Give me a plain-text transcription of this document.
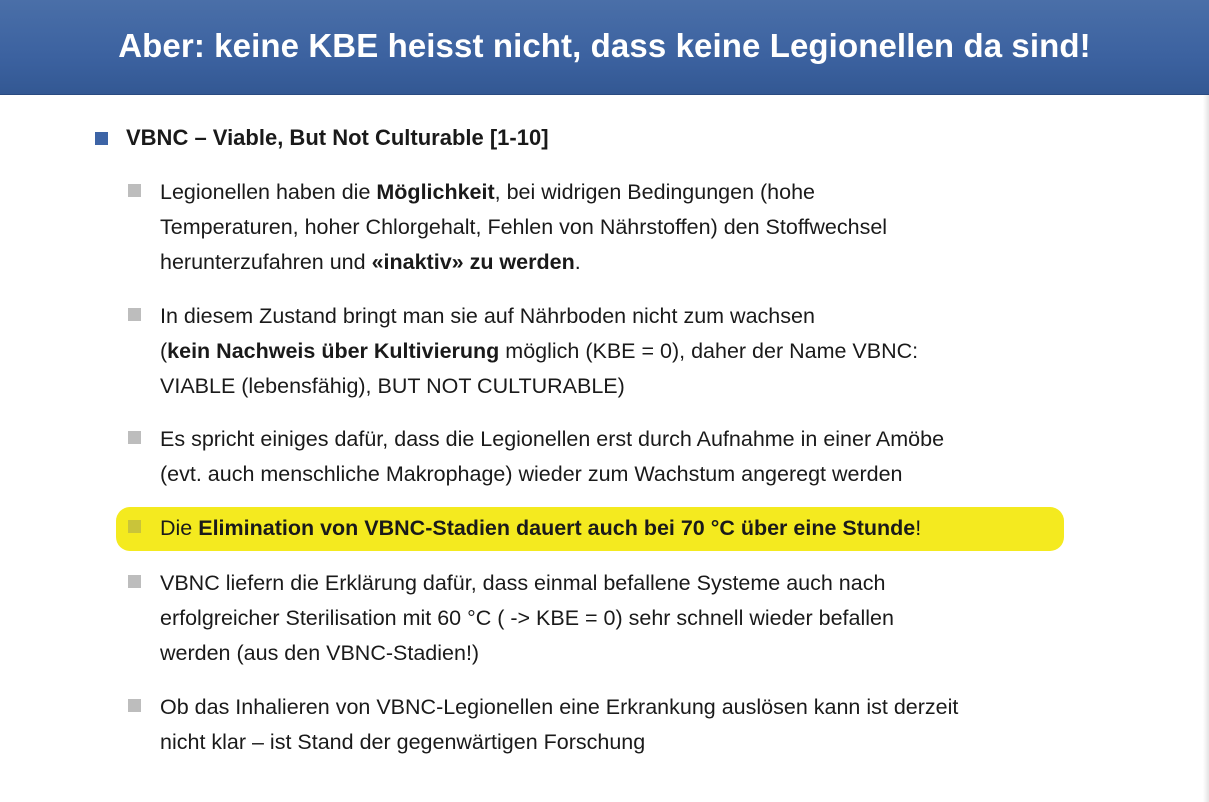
Aber: keine KBE heisst nicht, dass keine Legionellen da sind!
VBNC – Viable, But Not Culturable [1-10]
Legionellen haben die Möglichkeit, bei widrigen Bedingungen (hohe
Temperaturen, hoher Chlorgehalt, Fehlen von Nährstoffen) den Stoffwechsel
herunterzufahren und «inaktiv» zu werden.
In diesem Zustand bringt man sie auf Nährboden nicht zum wachsen
(kein Nachweis über Kultivierung möglich (KBE = 0), daher der Name VBNC:
VIABLE (lebensfähig), BUT NOT CULTURABLE)
Es spricht einiges dafür, dass die Legionellen erst durch Aufnahme in einer Amöbe
(evt. auch menschliche Makrophage) wieder zum Wachstum angeregt werden
Die Elimination von VBNC-Stadien dauert auch bei 70 °C über eine Stunde!
VBNC liefern die Erklärung dafür, dass einmal befallene Systeme auch nach
erfolgreicher Sterilisation mit 60 °C ( -> KBE = 0) sehr schnell wieder befallen
werden (aus den VBNC-Stadien!)
Ob das Inhalieren von VBNC-Legionellen eine Erkrankung auslösen kann ist derzeit
nicht klar – ist Stand der gegenwärtigen Forschung
